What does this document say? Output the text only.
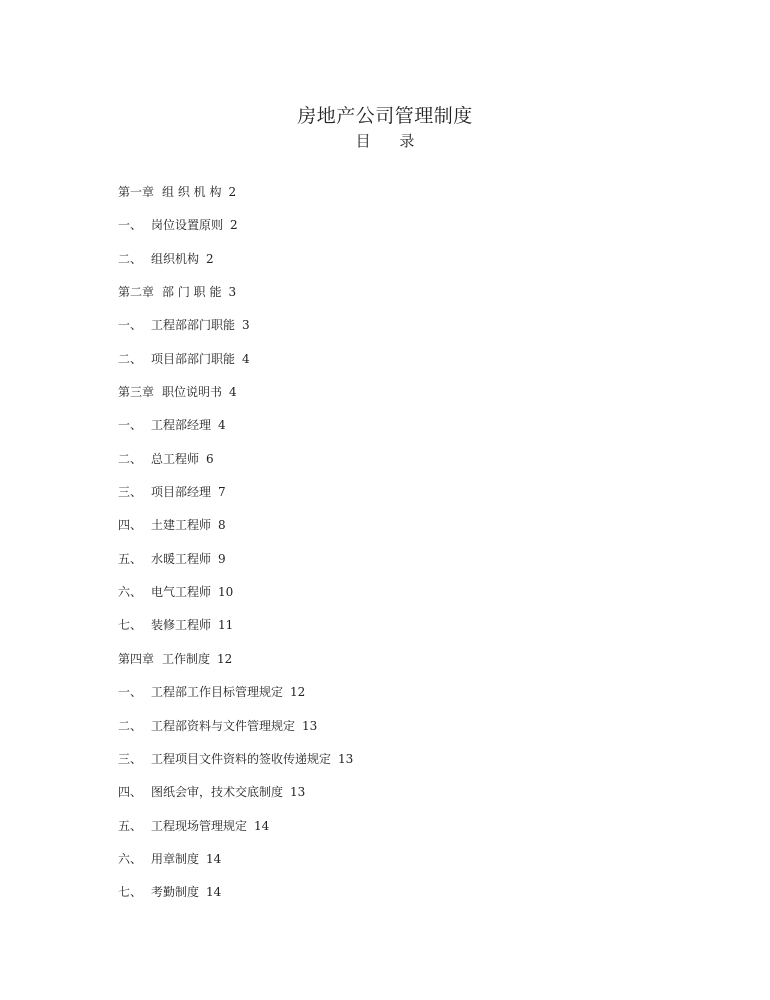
房地产公司管理制度
目 录
第一章 组 织 机 构 2
一、 岗位设置原则 2
二、 组织机构 2
第二章 部 门 职 能 3
一、 工程部部门职能 3
二、 项目部部门职能 4
第三章 职位说明书 4
一、 工程部经理 4
二、 总工程师 6
三、 项目部经理 7
四、 土建工程师 8
五、 水暖工程师 9
六、 电气工程师 10
七、 装修工程师 11
第四章 工作制度 12
一、 工程部工作目标管理规定 12
二、 工程部资料与文件管理规定 13
三、 工程项目文件资料的签收传递规定 13
四、 图纸会审，技术交底制度 13
五、 工程现场管理规定 14
六、 用章制度 14
七、 考勤制度 14
